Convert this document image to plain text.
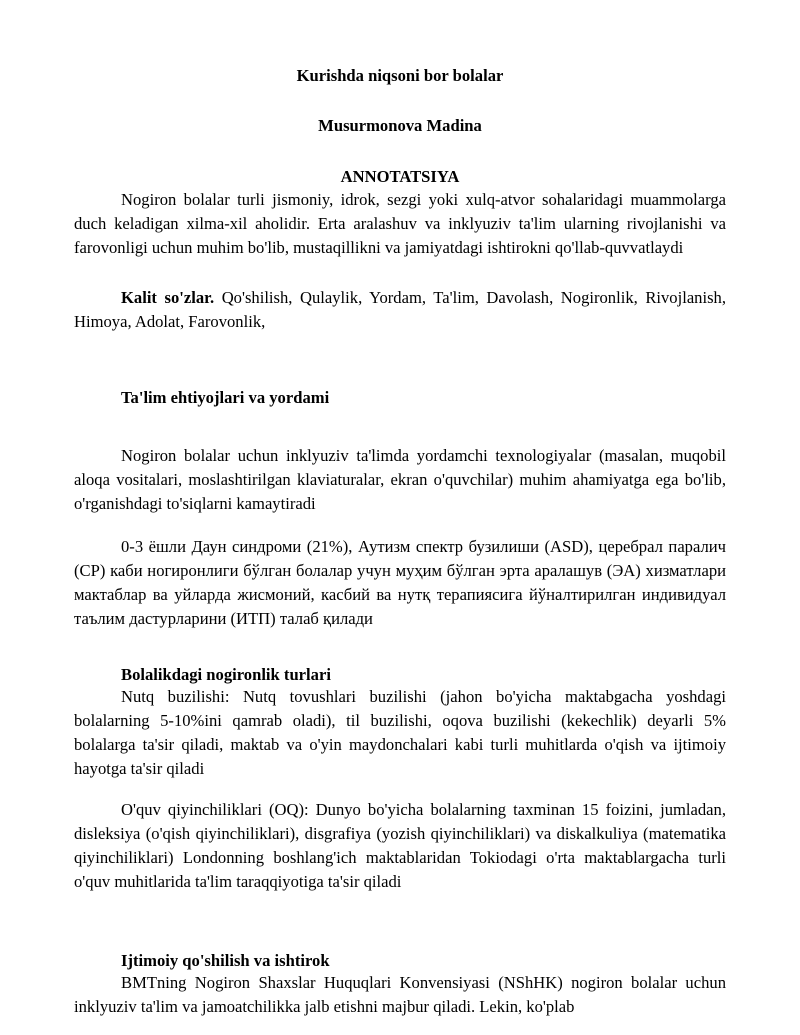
Kurishda niqsoni bor bolalar
Musurmonova Madina
ANNOTATSIYA
Nogiron bolalar turli jismoniy, idrok, sezgi yoki xulq-atvor sohalaridagi muammolarga duch keladigan xilma-xil aholidir. Erta aralashuv va inklyuziv ta'lim ularning rivojlanishi va farovonligi uchun muhim bo'lib, mustaqillikni va jamiyatdagi ishtirokni qo'llab-quvvatlaydi
Kalit so'zlar. Qo'shilish, Qulaylik, Yordam, Ta'lim, Davolash, Nogironlik, Rivojlanish, Himoya, Adolat, Farovonlik,
Ta'lim ehtiyojlari va yordami
Nogiron bolalar uchun inklyuziv ta'limda yordamchi texnologiyalar (masalan, muqobil aloqa vositalari, moslashtirilgan klaviaturalar, ekran o'quvchilar) muhim ahamiyatga ega bo'lib, o'rganishdagi to'siqlarni kamaytiradi
0-3 ёшли Даун синдроми (21%), Аутизм спектр бузилиши (ASD), церебрал паралич (CP) каби ногиронлиги бўлган болалар учун муҳим бўлган эрта аралашув (ЭА) хизматлари мактаблар ва уйларда жисмоний, касбий ва нутқ терапиясига йўналтирилган индивидуал таълим дастурларини (ИТП) талаб қилади
Bolalikdagi nogironlik turlari
Nutq buzilishi: Nutq tovushlari buzilishi (jahon bo'yicha maktabgacha yoshdagi bolalarning 5-10%ini qamrab oladi), til buzilishi, oqova buzilishi (kekechlik) deyarli 5% bolalarga ta'sir qiladi, maktab va o'yin maydonchalari kabi turli muhitlarda o'qish va ijtimoiy hayotga ta'sir qiladi
O'quv qiyinchiliklari (OQ): Dunyo bo'yicha bolalarning taxminan 15 foizini, jumladan, disleksiya (o'qish qiyinchiliklari), disgrafiya (yozish qiyinchiliklari) va diskalkuliya (matematika qiyinchiliklari) Londonning boshlang'ich maktablaridan Tokiodagi o'rta maktablargacha turli o'quv muhitlarida ta'lim taraqqiyotiga ta'sir qiladi
Ijtimoiy qo'shilish va ishtirok
BMTning Nogiron Shaxslar Huquqlari Konvensiyasi (NShHK) nogiron bolalar uchun inklyuziv ta'lim va jamoatchilikka jalb etishni majbur qiladi. Lekin, ko'plab
